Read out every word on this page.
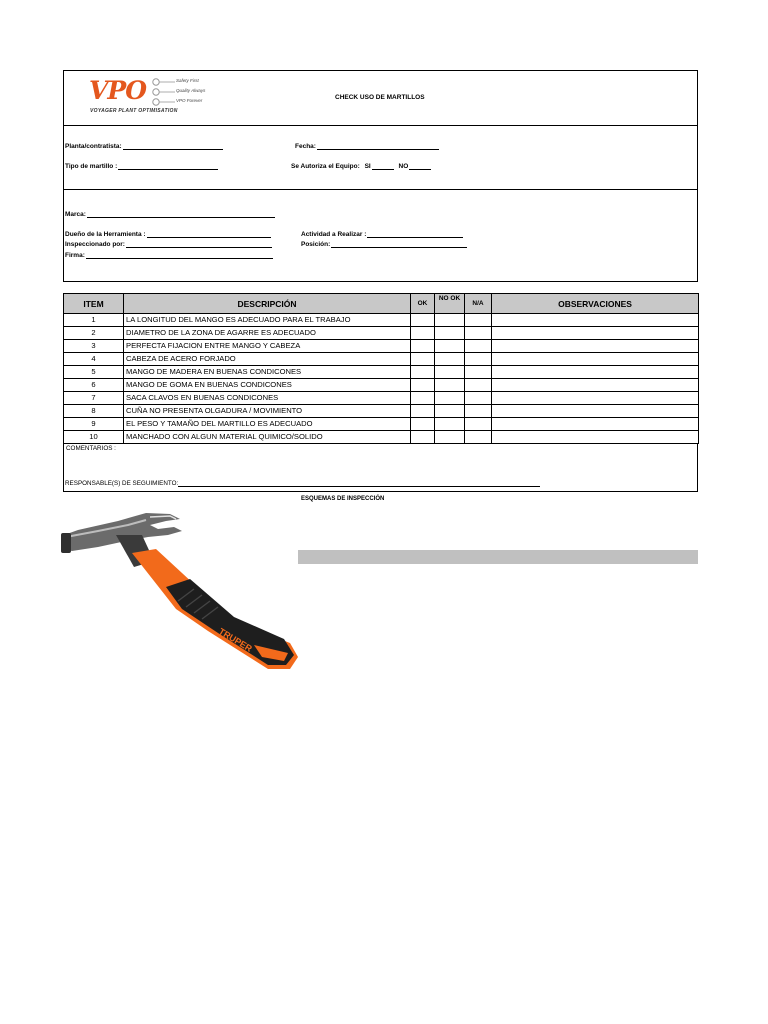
VPO	Safety First
Quality Always
VPO Forever
VOYAGER PLANT OPTIMISATION
CHECK USO DE MARTILLOS
Planta/contratista:	Fecha:
Tipo de martillo :	Se Autoriza el Equipo: SI	NO
Marca:
Dueño de la Herramienta :	Actividad a Realizar :
Inspeccionado por:	Posición:
Firma:
ITEM	DESCRIPCIÓN	OK	NO OK	N/A	OBSERVACIONES
1	LA LONGITUD DEL MANGO ES ADECUADO PARA EL TRABAJO				
2	DIAMETRO DE LA ZONA DE AGARRE ES ADECUADO				
3	PERFECTA FIJACION ENTRE MANGO Y CABEZA				
4	CABEZA DE ACERO FORJADO				
5	MANGO DE MADERA EN BUENAS CONDICONES				
6	MANGO DE GOMA EN BUENAS CONDICONES				
7	SACA CLAVOS EN BUENAS CONDICONES				
8	CUÑA NO PRESENTA OLGADURA / MOVIMIENTO				
9	EL PESO Y TAMAÑO DEL MARTILLO ES ADECUADO				
10	MANCHADO CON ALGUN MATERIAL QUIMICO/SOLIDO				
COMENTARIOS :
RESPONSABLE(S) DE SEGUIMIENTO:
ESQUEMAS DE INSPECCIÓN
TRUPER
